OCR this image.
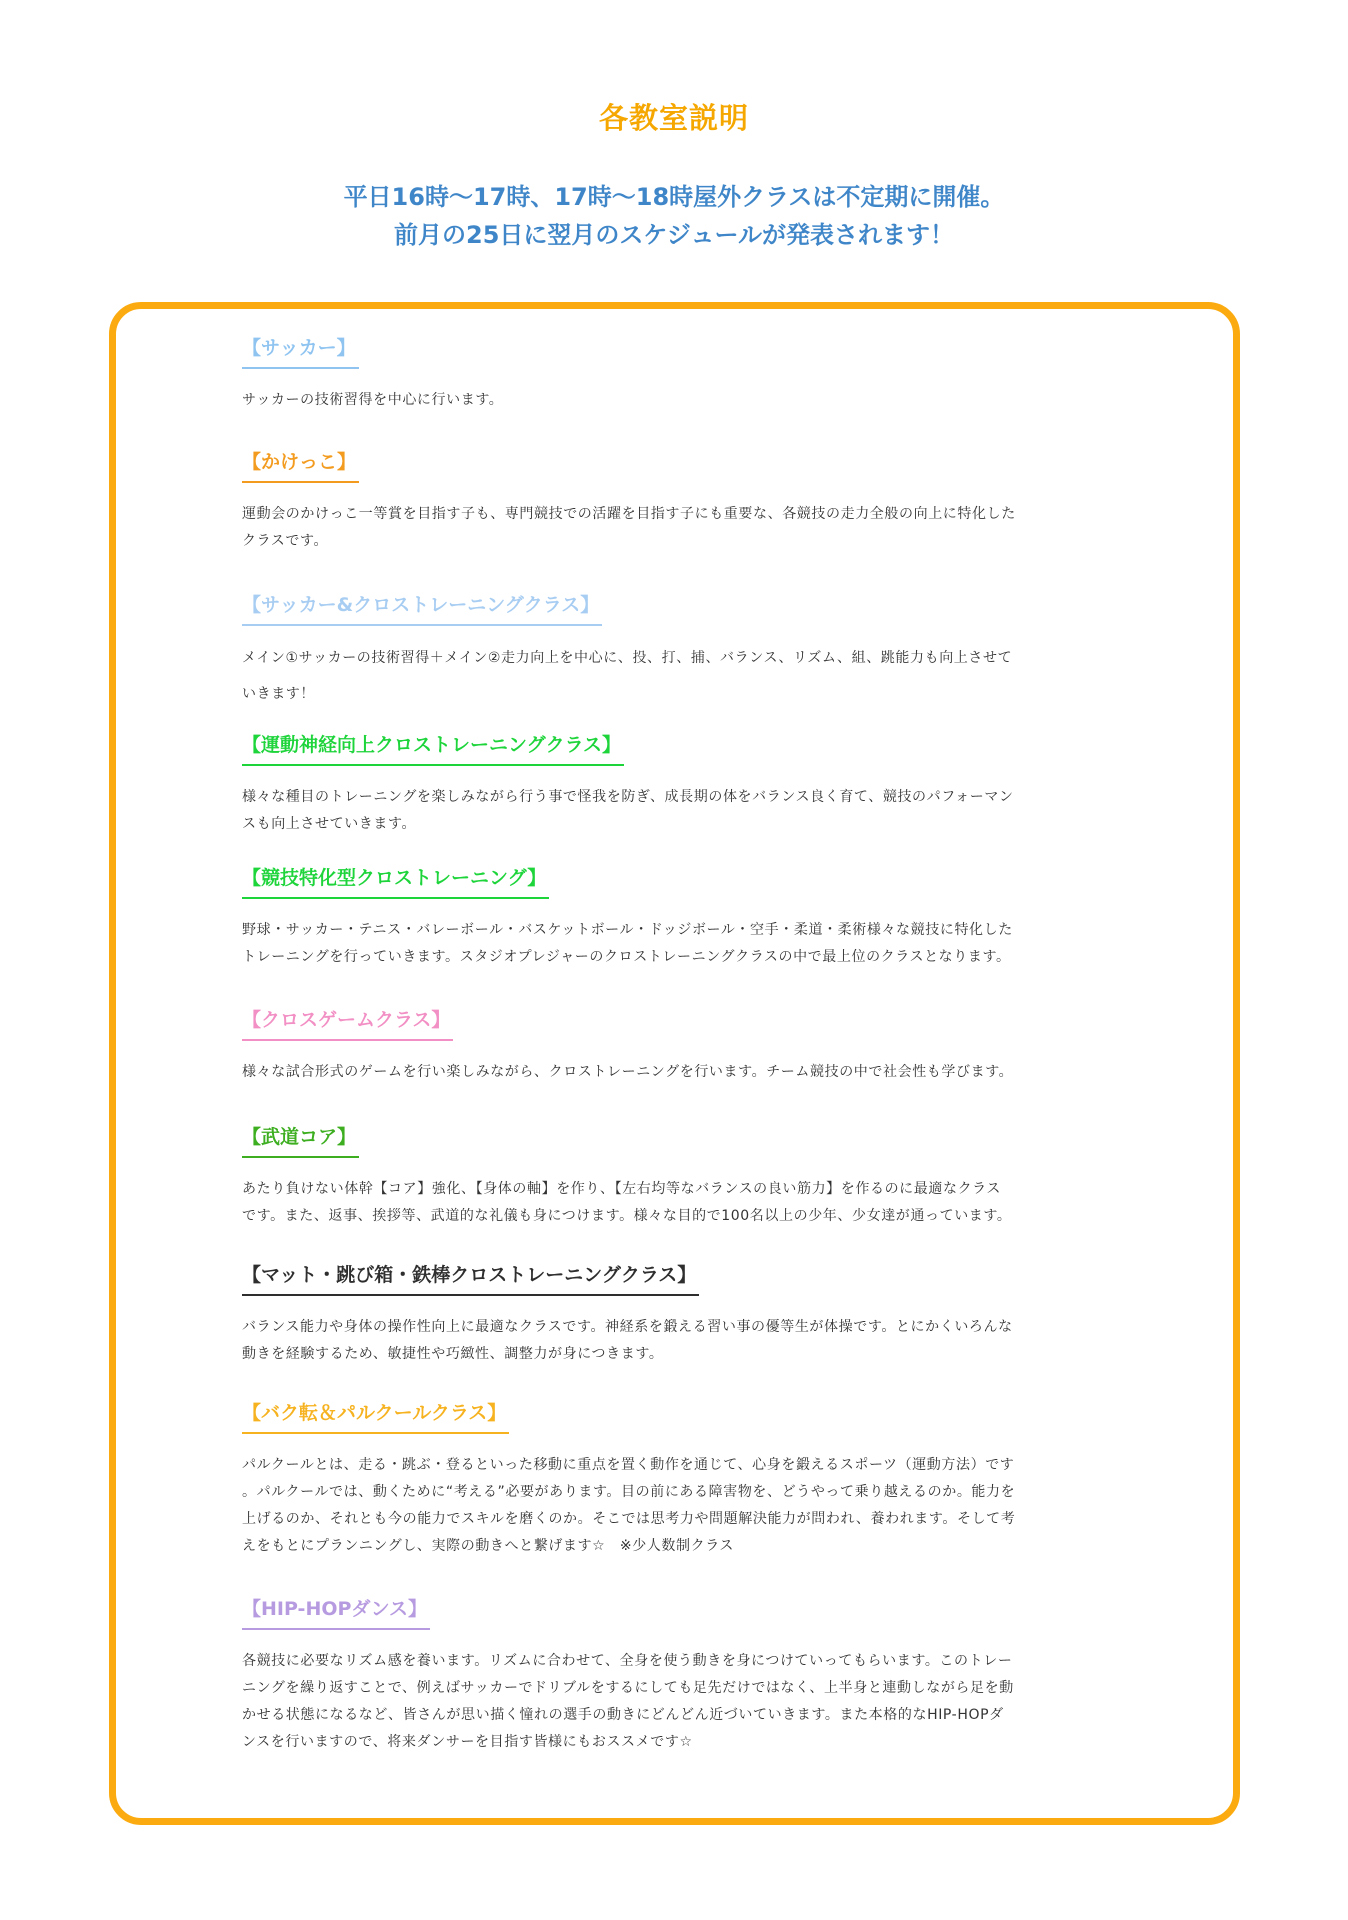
各教室説明
平日16時〜17時、17時〜18時屋外クラスは不定期に開催。
前月の25日に翌月のスケジュールが発表されます！
【サッカー】
サッカーの技術習得を中心に行います。
【かけっこ】
運動会のかけっこ一等賞を目指す子も、専門競技での活躍を目指す子にも重要な、各競技の走力全般の向上に特化した
クラスです。
【サッカー&クロストレーニングクラス】
メイン①サッカーの技術習得＋メイン②走力向上を中心に、投、打、捕、バランス、リズム、組、跳能力も向上させて
いきます！
【運動神経向上クロストレーニングクラス】
様々な種目のトレーニングを楽しみながら行う事で怪我を防ぎ、成長期の体をバランス良く育て、競技のパフォーマン
スも向上させていきます。
【競技特化型クロストレーニング】
野球・サッカー・テニス・バレーボール・バスケットボール・ドッジボール・空手・柔道・柔術様々な競技に特化した
トレーニングを行っていきます。スタジオプレジャーのクロストレーニングクラスの中で最上位のクラスとなります。
【クロスゲームクラス】
様々な試合形式のゲームを行い楽しみながら、クロストレーニングを行います。チーム競技の中で社会性も学びます。
【武道コア】
あたり負けない体幹【コア】強化、【身体の軸】を作り、【左右均等なバランスの良い筋力】を作るのに最適なクラス
です。また、返事、挨拶等、武道的な礼儀も身につけます。様々な目的で100名以上の少年、少女達が通っています。
【マット・跳び箱・鉄棒クロストレーニングクラス】
バランス能力や身体の操作性向上に最適なクラスです。神経系を鍛える習い事の優等生が体操です。とにかくいろんな
動きを経験するため、敏捷性や巧緻性、調整力が身につきます。
【バク転＆パルクールクラス】
パルクールとは、走る・跳ぶ・登るといった移動に重点を置く動作を通じて、心身を鍛えるスポーツ（運動方法）です
。パルクールでは、動くために“考える”必要があります。目の前にある障害物を、どうやって乗り越えるのか。能力を
上げるのか、それとも今の能力でスキルを磨くのか。そこでは思考力や問題解決能力が問われ、養われます。そして考
えをもとにプランニングし、実際の動きへと繋げます☆　※少人数制クラス
【HIP-HOPダンス】
各競技に必要なリズム感を養います。リズムに合わせて、全身を使う動きを身につけていってもらいます。このトレー
ニングを繰り返すことで、例えばサッカーでドリブルをするにしても足先だけではなく、上半身と連動しながら足を動
かせる状態になるなど、皆さんが思い描く憧れの選手の動きにどんどん近づいていきます。また本格的なHIP-HOPダ
ンスを行いますので、将来ダンサーを目指す皆様にもおススメです☆
